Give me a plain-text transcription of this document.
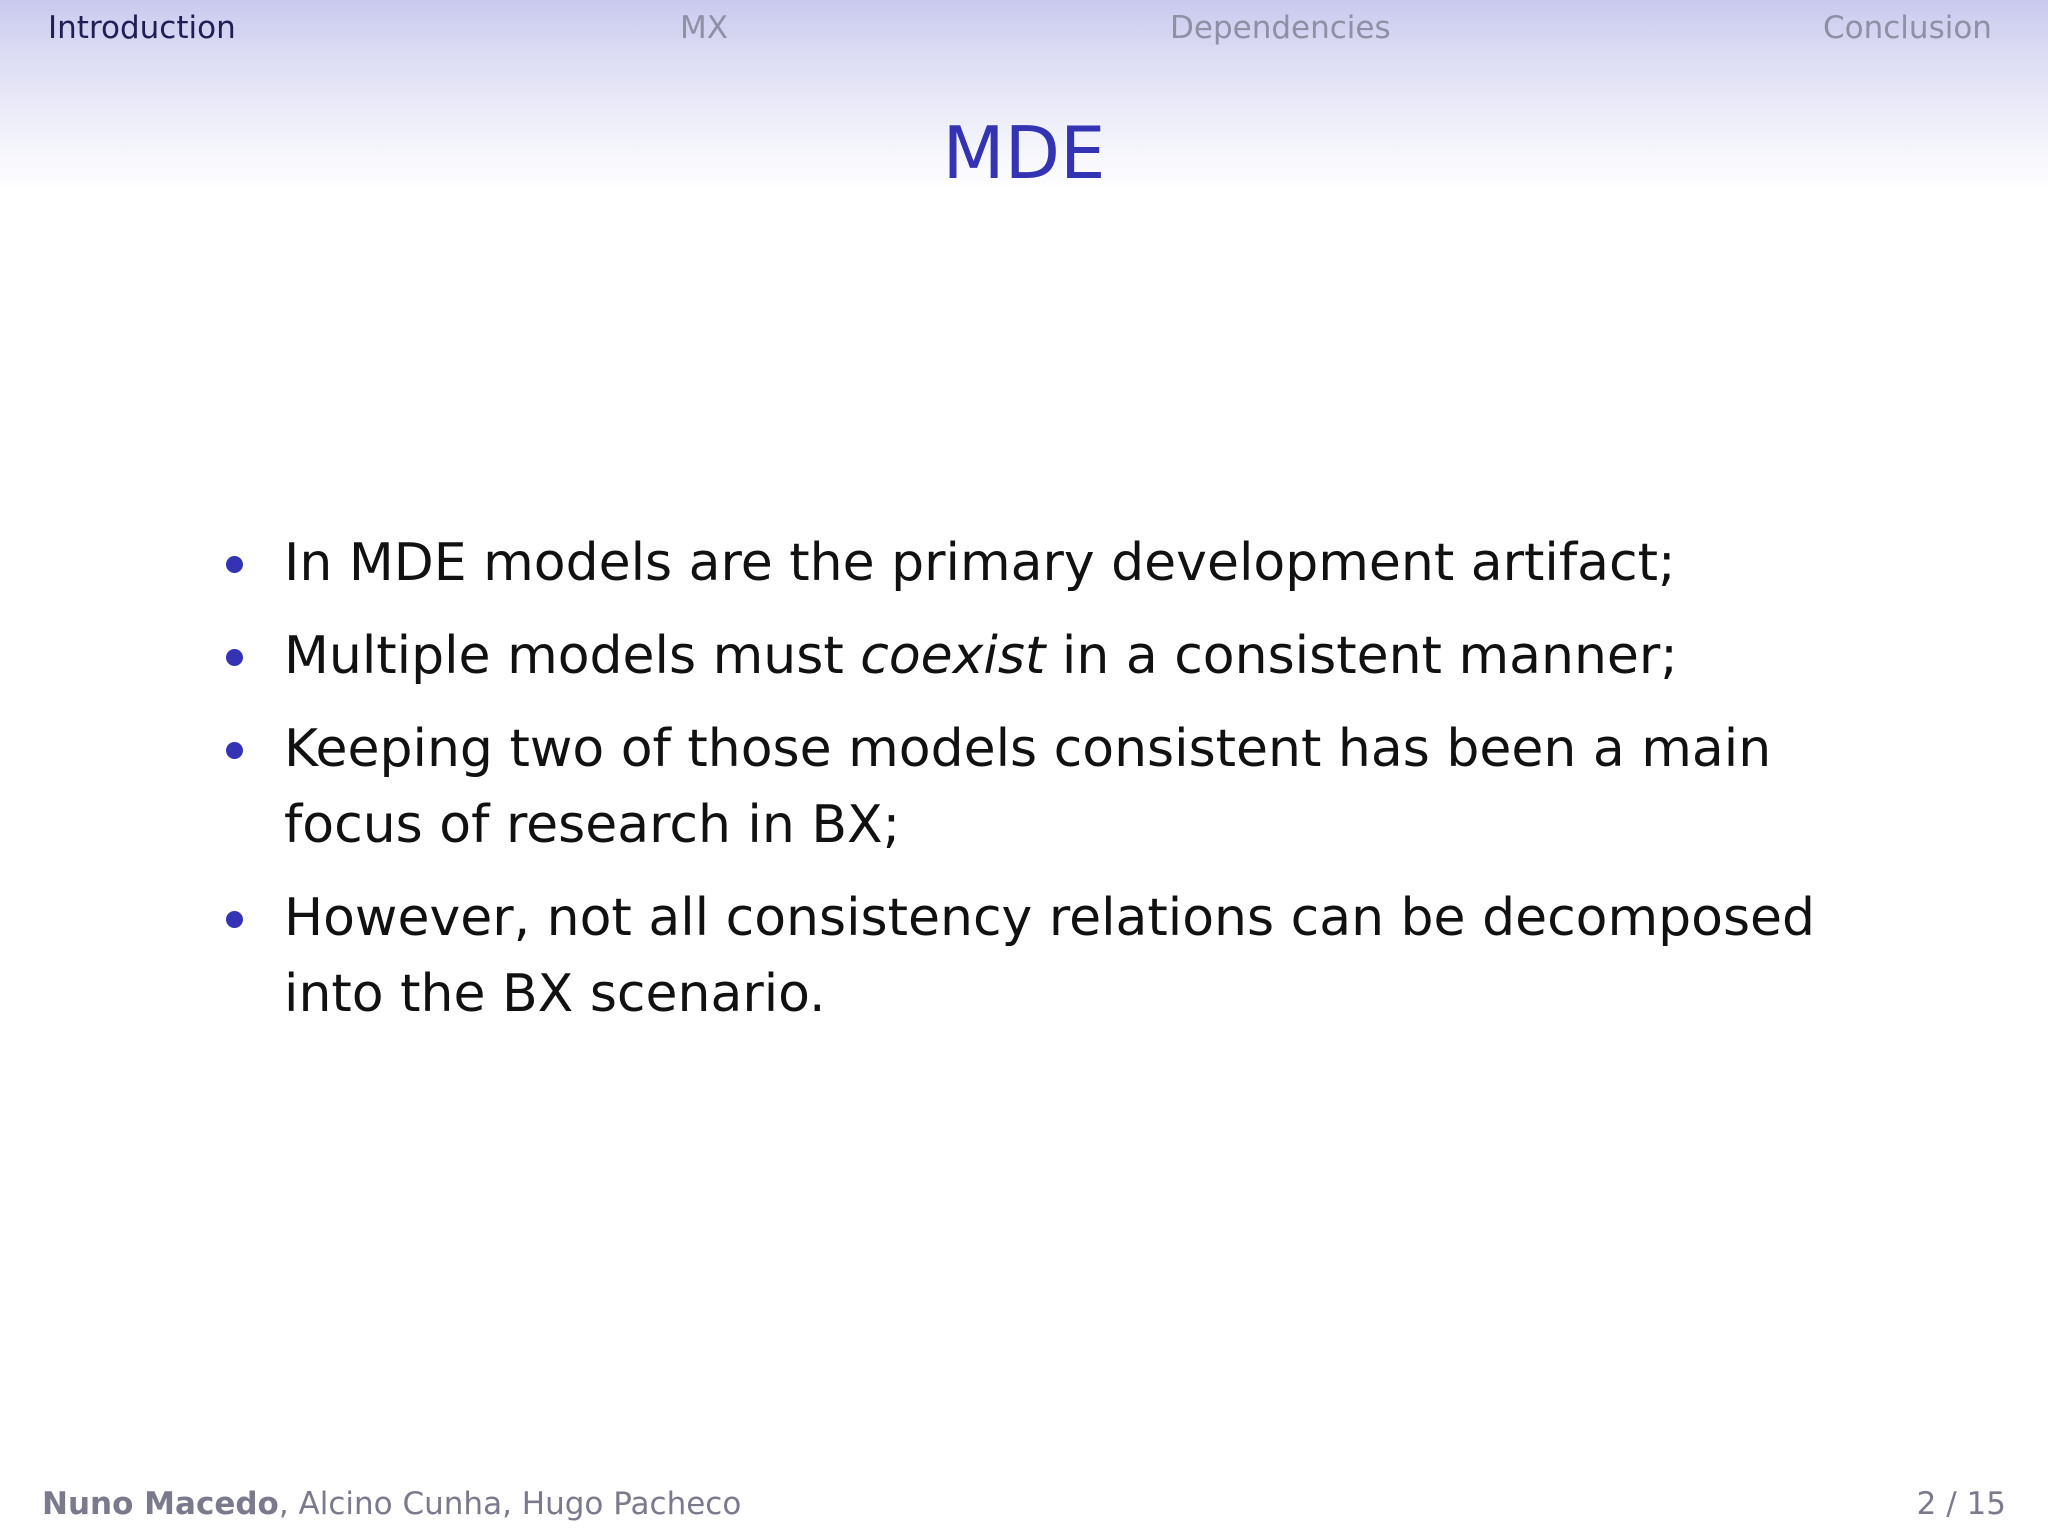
Introduction	MX	Dependencies	Conclusion
MDE
In MDE models are the primary development artifact;
Multiple models must coexist in a consistent manner;
Keeping two of those models consistent has been a main focus of research in BX;
However, not all consistency relations can be decomposed into the BX scenario.
Nuno Macedo, Alcino Cunha, Hugo Pacheco	2 / 15
